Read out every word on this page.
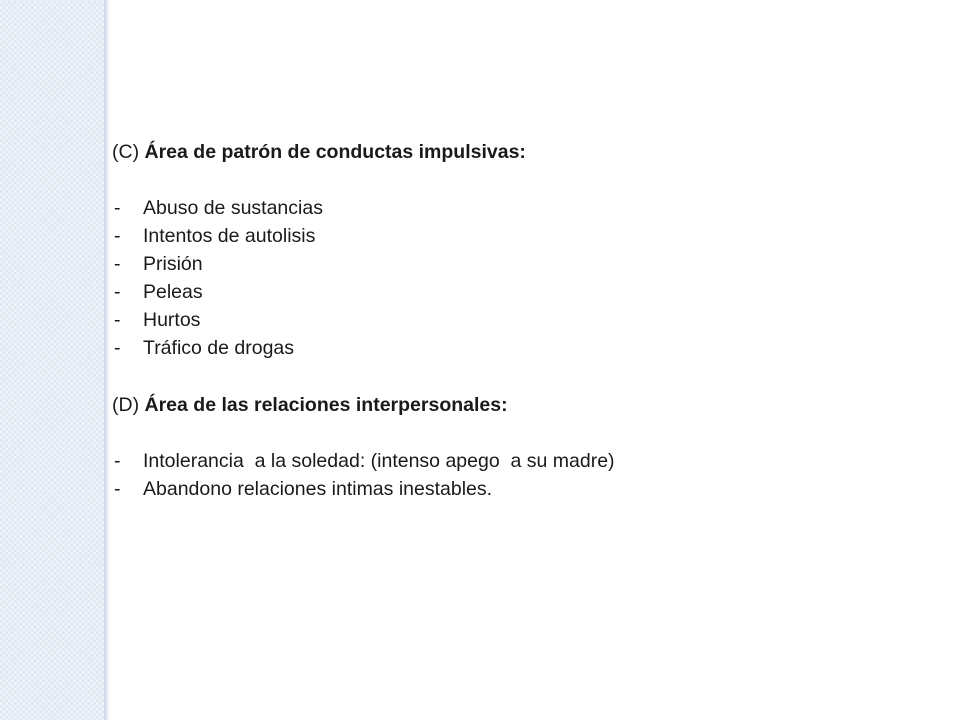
(C) Área de patrón de conductas impulsivas:

- Abuso de sustancias
- Intentos de autolisis
- Prisión
- Peleas
- Hurtos
- Tráfico de drogas

(D) Área de las relaciones interpersonales:

- Intolerancia  a la soledad: (intenso apego  a su madre)
- Abandono relaciones intimas inestables.
